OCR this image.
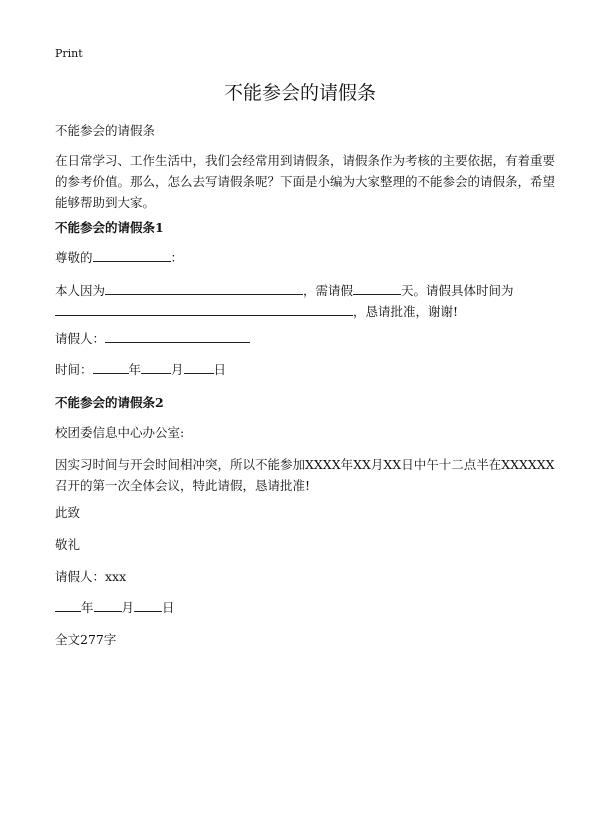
Print
不能参会的请假条
不能参会的请假条
在日常学习、工作生活中，我们会经常用到请假条，请假条作为考核的主要依据，有着重要的参考价值。那么，怎么去写请假条呢？下面是小编为大家整理的不能参会的请假条，希望能够帮助到大家。
不能参会的请假条1
尊敬的	：
本人因为	，需请假	天。请假具体时间为
，恳请批准，谢谢!
请假人：
时间：	年 月 日
不能参会的请假条2
校团委信息中心办公室:
因实习时间与开会时间相冲突，所以不能参加XXXX年XX月XX日中午十二点半在XXXXXX召开的第一次全体会议，特此请假，恳请批准!
此致
敬礼
请假人：xxx
年 月 日
全文277字
